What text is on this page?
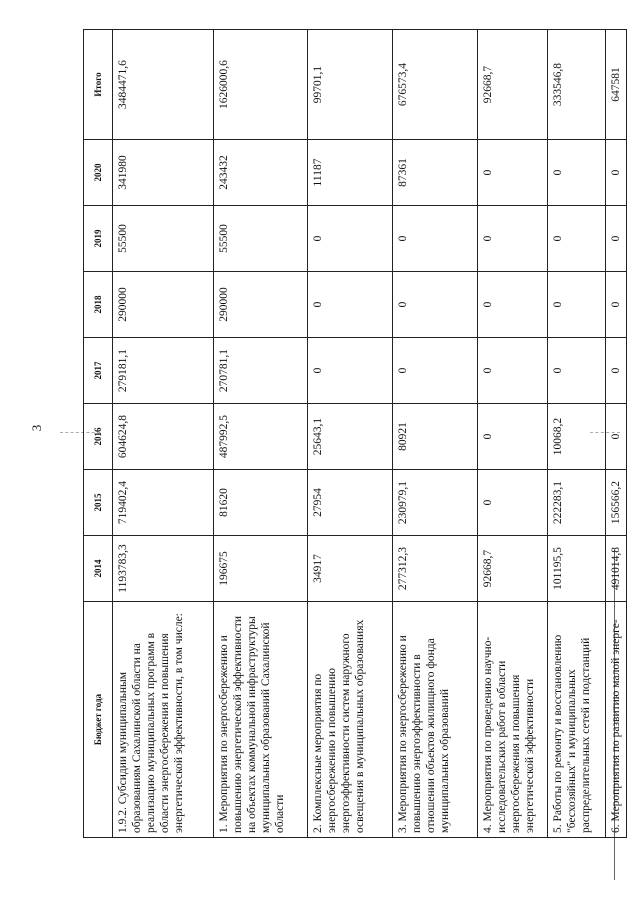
3
Бюджет года	2014	2015	2016	2017	2018	2019	2020	Итого
1.9.2. Субсидии муниципальным образованиям Сахалинской области на реализацию муниципальных программ в области энергосбережения и повышения энергетической эффективности, в том числе:	1193783,3	719402,4	604624,8	279181,1	290000	55500	341980	3484471,6
1. Мероприятия по энергосбережению и повышению энергетической эффективности на объектах коммунальной инфраструктуры муниципальных образований Сахалинской области	196675	81620	487992,5	270781,1	290000	55500	243432	1626000,6
2. Комплексные мероприятия по энергосбережению и повышению энергоэффективности систем наружного освещения в муниципальных образованиях	34917	27954	25643,1	0	0	0	11187	99701,1
3. Мероприятия по энергосбережению и повышению энергоэффективности в отношении объектов жилищного фонда муниципальных образований	277312,3	230979,1	80921	0	0	0	87361	676573,4
4. Мероприятия по проведению научно-исследовательских работ в области энергосбережения и повышения энергетической эффективности	92668,7	0	0	0	0	0	0	92668,7
5. Работы по ремонту и восстановлению "бесхозяйных" и муниципальных распределительных сетей и подстанций	101195,5	222283,1	10068,2	0	0	0	0	333546,8
6. Мероприятия по развитию малой энерге-	491014,8	156566,2	0	0	0	0	0	647581
